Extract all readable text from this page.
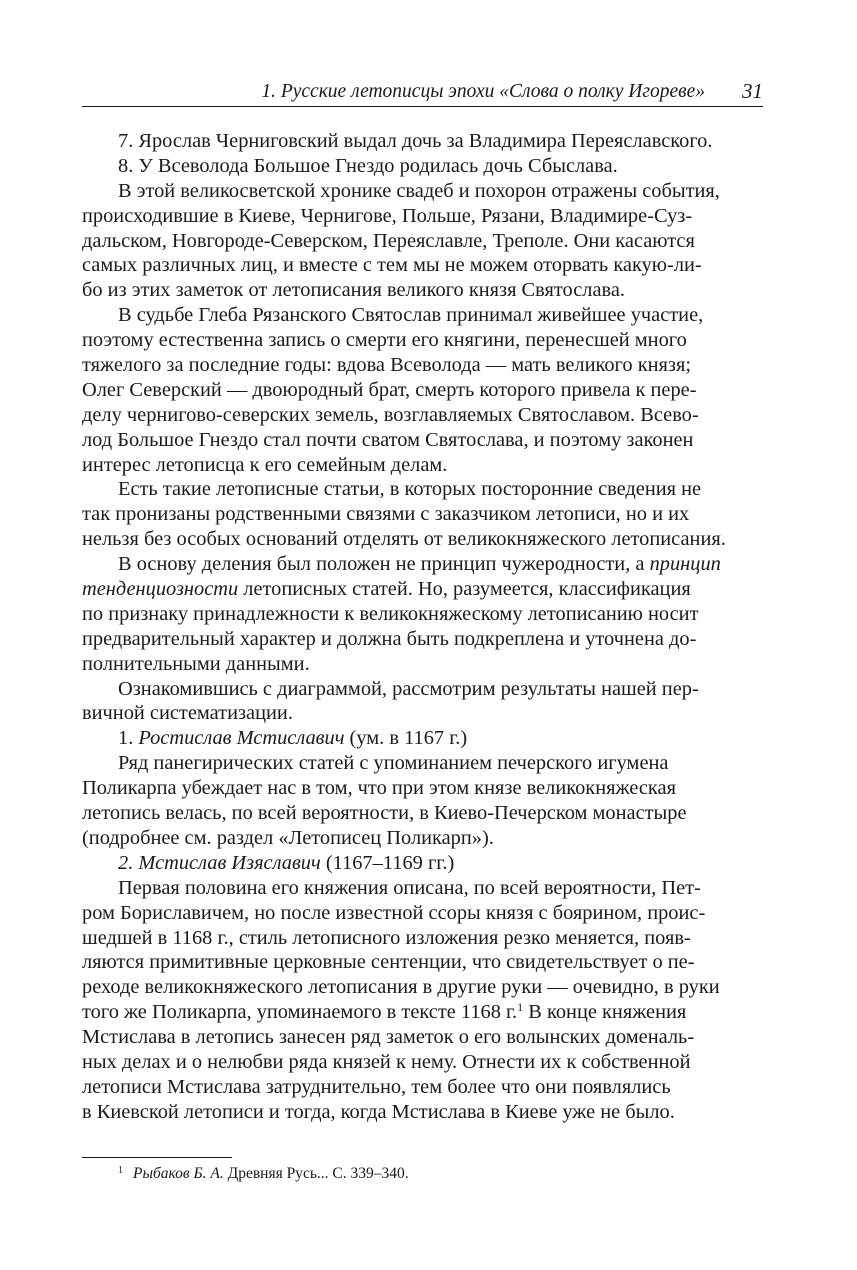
1. Русские летописцы эпохи «Слова о полку Игореве» 31
7. Ярослав Черниговский выдал дочь за Владимира Переяславского.
8. У Всеволода Большое Гнездо родилась дочь Сбыслава.
В этой великосветской хронике свадеб и похорон отражены события,
происходившие в Киеве, Чернигове, Польше, Рязани, Владимире-Суз-
дальском, Новгороде-Северском, Переяславле, Треполе. Они касаются
самых различных лиц, и вместе с тем мы не можем оторвать какую-ли-
бо из этих заметок от летописания великого князя Святослава.
В судьбе Глеба Рязанского Святослав принимал живейшее участие,
поэтому естественна запись о смерти его княгини, перенесшей много
тяжелого за последние годы: вдова Всеволода — мать великого князя;
Олег Северский — двоюродный брат, смерть которого привела к пере-
делу чернигово-северских земель, возглавляемых Святославом. Всево-
лод Большое Гнездо стал почти сватом Святослава, и поэтому законен
интерес летописца к его семейным делам.
Есть такие летописные статьи, в которых посторонние сведения не
так пронизаны родственными связями с заказчиком летописи, но и их
нельзя без особых оснований отделять от великокняжеского летописания.
В основу деления был положен не принцип чужеродности, а принцип
тенденциозности летописных статей. Но, разумеется, классификация
по признаку принадлежности к великокняжескому летописанию носит
предварительный характер и должна быть подкреплена и уточнена до-
полнительными данными.
Ознакомившись с диаграммой, рассмотрим результаты нашей пер-
вичной систематизации.
1. Ростислав Мстиславич (ум. в 1167 г.)
Ряд панегирических статей с упоминанием печерского игумена
Поликарпа убеждает нас в том, что при этом князе великокняжеская
летопись велась, по всей вероятности, в Киево-Печерском монастыре
(подробнее см. раздел «Летописец Поликарп»).
2. Мстислав Изяславич (1167–1169 гг.)
Первая половина его княжения описана, по всей вероятности, Пет-
ром Бориславичем, но после известной ссоры князя с боярином, проис-
шедшей в 1168 г., стиль летописного изложения резко меняется, появ-
ляются примитивные церковные сентенции, что свидетельствует о пе-
реходе великокняжеского летописания в другие руки — очевидно, в руки
того же Поликарпа, упоминаемого в тексте 1168 г.$^1$ В конце княжения
Мстислава в летопись занесен ряд заметок о его волынских доменаль-
ных делах и о нелюбви ряда князей к нему. Отнести их к собственной
летописи Мстислава затруднительно, тем более что они появлялись
в Киевской летописи и тогда, когда Мстислава в Киеве уже не было.
$^1$ Рыбаков Б. А. Древняя Русь... С. 339–340.
